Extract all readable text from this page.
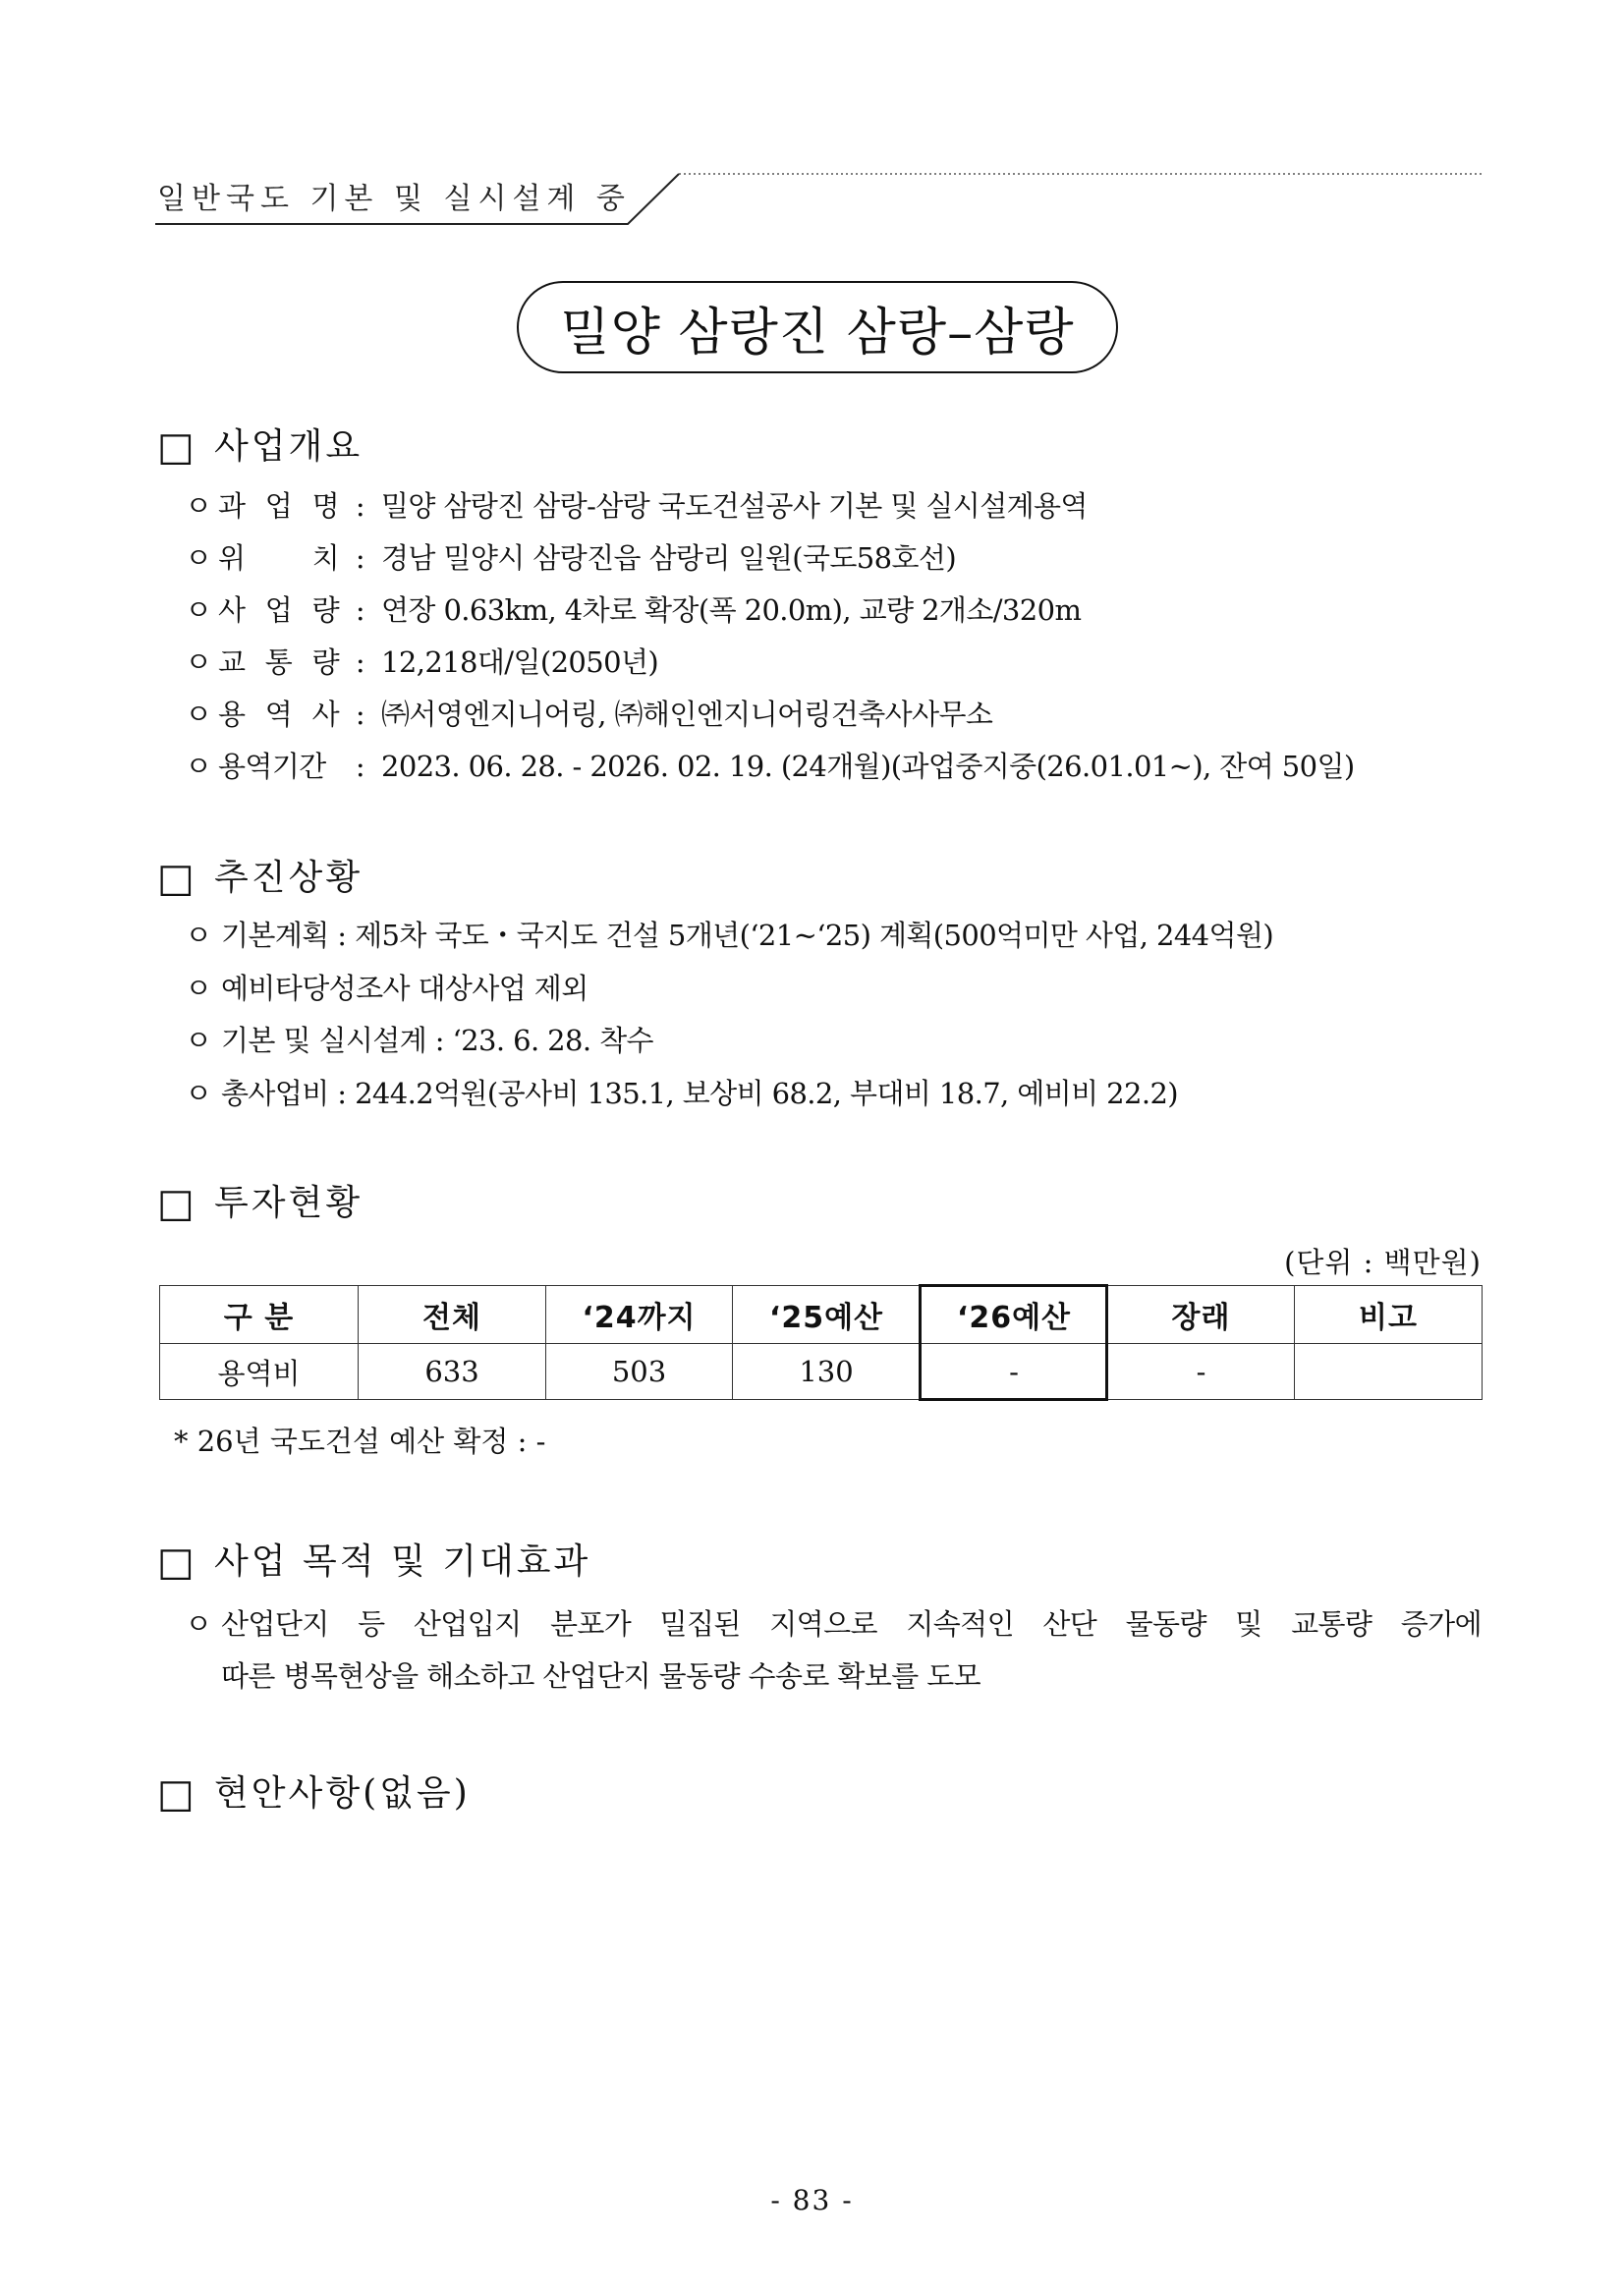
일반국도 기본 및 실시설계 중
밀양 삼랑진 삼랑–삼랑
□ 사업개요
ㅇ 과 업 명 : 밀양 삼랑진 삼랑-삼랑 국도건설공사 기본 및 실시설계용역
ㅇ 위 치 : 경남 밀양시 삼랑진읍 삼랑리 일원(국도58호선)
ㅇ 사 업 량 : 연장 0.63km, 4차로 확장(폭 20.0m), 교량 2개소/320m
ㅇ 교 통 량 : 12,218대/일(2050년)
ㅇ 용 역 사 : ㈜서영엔지니어링, ㈜해인엔지니어링건축사사무소
ㅇ 용역기간	: 2023. 06. 28. - 2026. 02. 19. (24개월)(과업중지중(26.01.01~), 잔여 50일)
□ 추진상황
ㅇ 기본계획 : 제5차 국도・국지도 건설 5개년(‘21~‘25) 계획(500억미만 사업, 244억원)
ㅇ 예비타당성조사 대상사업 제외
ㅇ 기본 및 실시설계 : ‘23. 6. 28. 착수
ㅇ 총사업비 : 244.2억원(공사비 135.1, 보상비 68.2, 부대비 18.7, 예비비 22.2)
□ 투자현황
(단위 : 백만원)
구 분	전체	‘24까지	‘25예산	‘26예산	장래	비고
용역비	633	503	130	-	-	
* 26년 국도건설 예산 확정 : -
□ 사업 목적 및 기대효과
ㅇ 산업단지 등 산업입지 분포가 밀집된 지역으로 지속적인 산단 물동량 및 교통량 증가에
따른 병목현상을 해소하고 산업단지 물동량 수송로 확보를 도모
□ 현안사항(없음)
- 83 -
